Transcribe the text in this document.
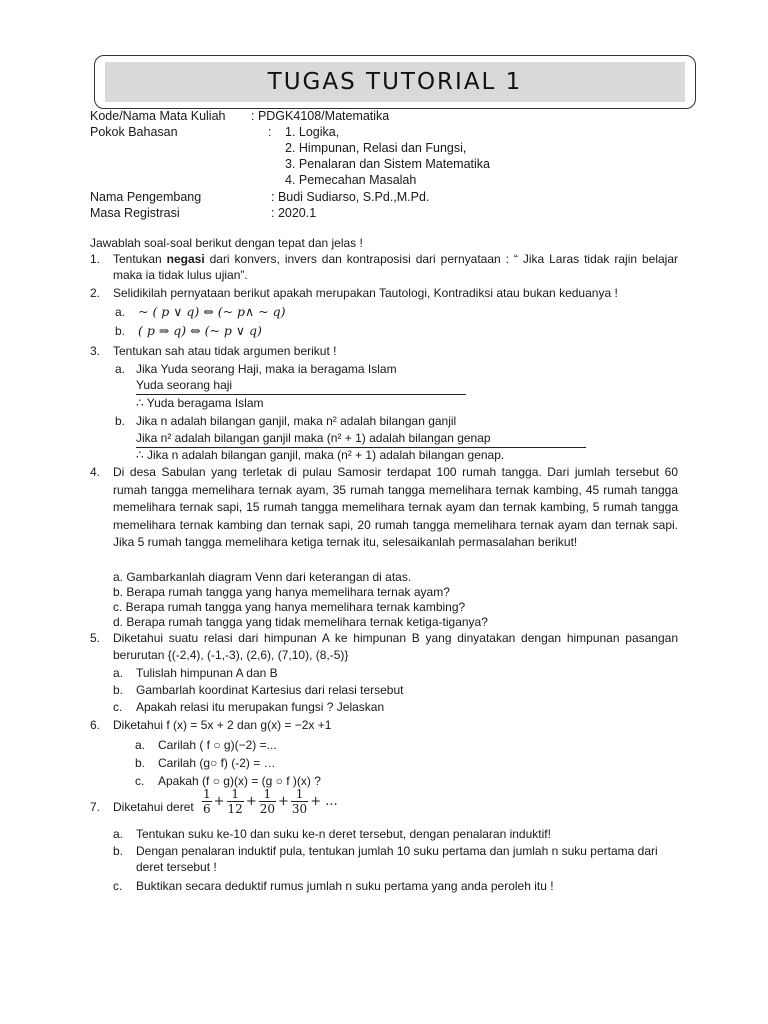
TUGAS TUTORIAL 1
Kode/Nama Mata Kuliah : PDGK4108/Matematika
Pokok Bahasan	: 1. Logika,
2. Himpunan, Relasi dan Fungsi,
3. Penalaran dan Sistem Matematika
4. Pemecahan Masalah
Nama Pengembang	: Budi Sudiarso, S.Pd.,M.Pd.
Masa Registrasi	: 2020.1
Jawablah soal-soal berikut dengan tepat dan jelas !
1. Tentukan negasi dari konvers, invers dan kontraposisi dari pernyataan : “ Jika Laras tidak rajin belajar maka ia tidak lulus ujian”.
2. Selidikilah pernyataan berikut apakah merupakan Tautologi, Kontradiksi atau bukan keduanya !
a. ~ ( p ∨ q) ⇔ (~ p∧ ~ q)
b. ( p ⇒ q) ⇔ (~ p ∨ q)
3. Tentukan sah atau tidak argumen berikut !
a. Jika Yuda seorang Haji, maka ia beragama Islam
Yuda seorang haji
∴ Yuda beragama Islam
b. Jika n adalah bilangan ganjil, maka n² adalah bilangan ganjil
Jika n² adalah bilangan ganjil maka (n² + 1) adalah bilangan genap
∴ Jika n adalah bilangan ganjil, maka (n² + 1) adalah bilangan genap.
4. Di desa Sabulan yang terletak di pulau Samosir terdapat 100 rumah tangga. Dari jumlah tersebut 60 rumah tangga memelihara ternak ayam, 35 rumah tangga memelihara ternak kambing, 45 rumah tangga memelihara ternak sapi, 15 rumah tangga memelihara ternak ayam dan ternak kambing, 5 rumah tangga memelihara ternak kambing dan ternak sapi, 20 rumah tangga memelihara ternak ayam dan ternak sapi. Jika 5 rumah tangga memelihara ketiga ternak itu, selesaikanlah permasalahan berikut!
a. Gambarkanlah diagram Venn dari keterangan di atas.
b. Berapa rumah tangga yang hanya memelihara ternak ayam?
c. Berapa rumah tangga yang hanya memelihara ternak kambing?
d. Berapa rumah tangga yang tidak memelihara ternak ketiga-tiganya?
5. Diketahui suatu relasi dari himpunan A ke himpunan B yang dinyatakan dengan himpunan pasangan berurutan {(-2,4), (-1,-3), (2,6), (7,10), (8,-5)}
a. Tulislah himpunan A dan B
b. Gambarlah koordinat Kartesius dari relasi tersebut
c. Apakah relasi itu merupakan fungsi ? Jelaskan
6. Diketahui f (x) = 5x + 2 dan g(x) = −2x +1
a. Carilah ( f ○ g)(−2) =...
b. Carilah (g○ f) (-2) = …
c. Apakah (f ○ g)(x) = (g ○ f )(x) ?
7. Diketahui deret $\frac{1}{6} + \frac{1}{12} + \frac{1}{20} + \frac{1}{30}$ + ...
a. Tentukan suku ke-10 dan suku ke-n deret tersebut, dengan penalaran induktif!
b. Dengan penalaran induktif pula, tentukan jumlah 10 suku pertama dan jumlah n suku pertama dari deret tersebut !
c. Buktikan secara deduktif rumus jumlah n suku pertama yang anda peroleh itu !
